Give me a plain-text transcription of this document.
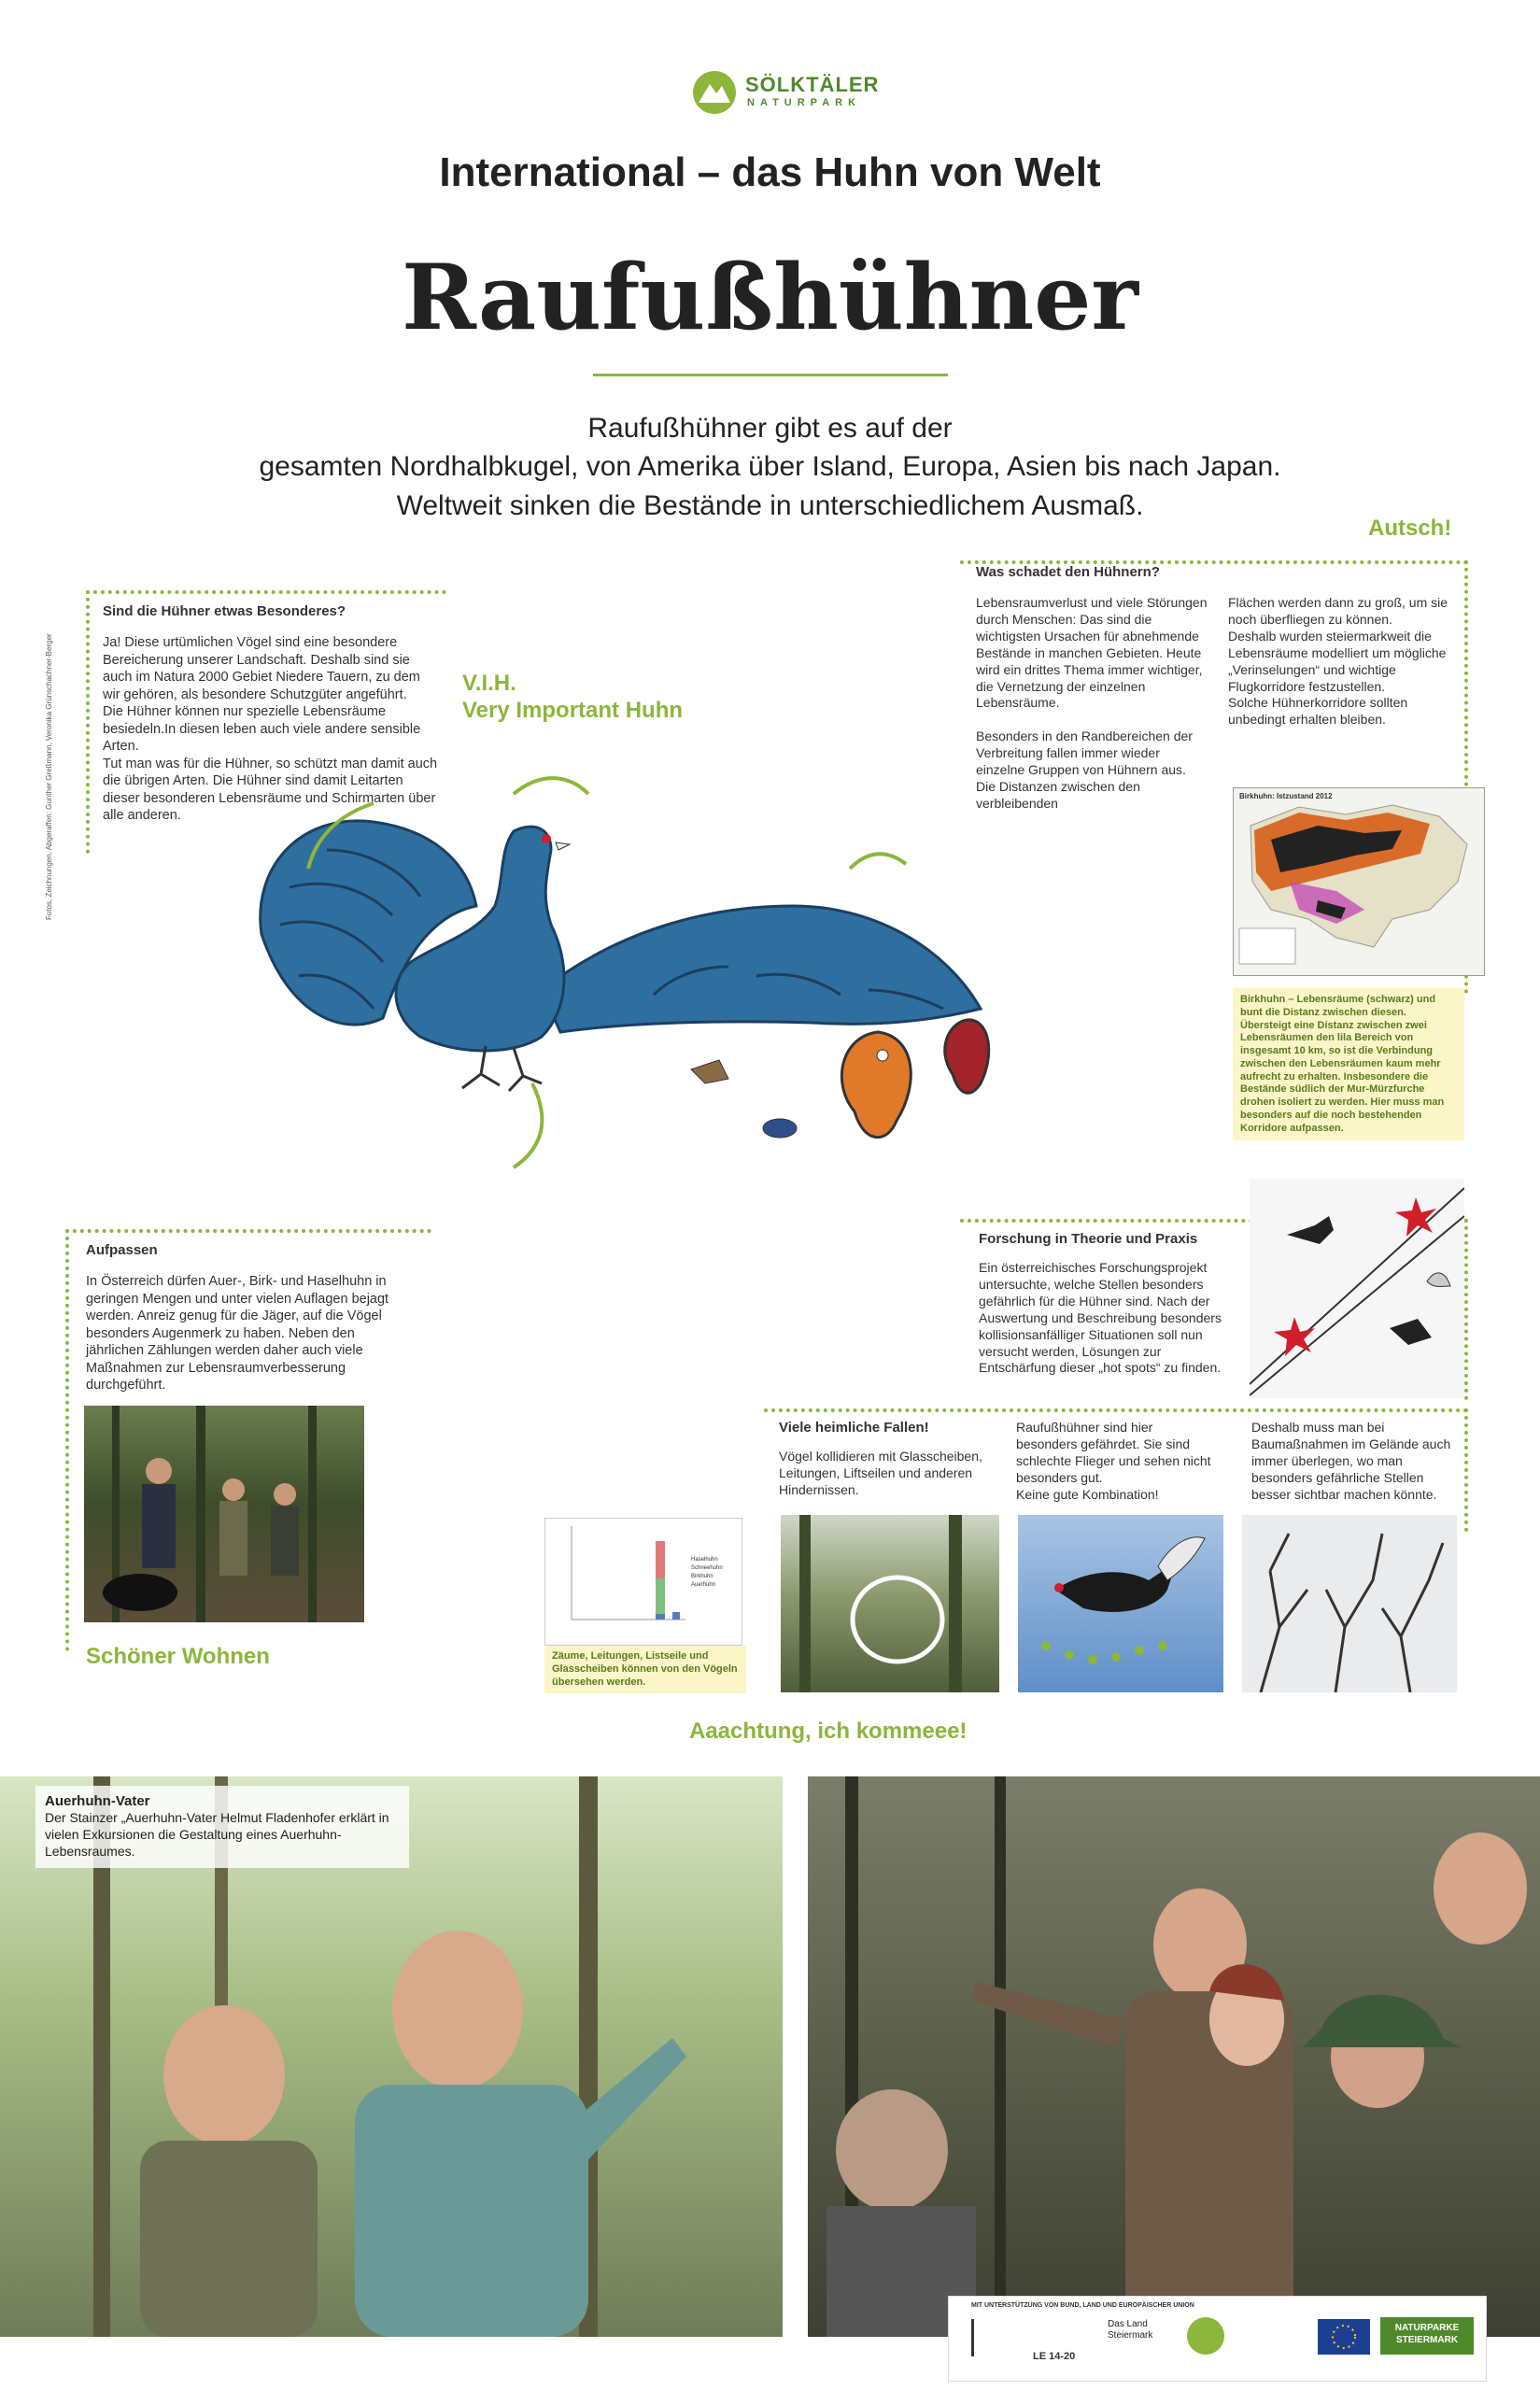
SÖLKTÄLER
NATURPARK
International – das Huhn von Welt
Raufußhühner
Raufußhühner gibt es auf der
gesamten Nordhalbkugel, von Amerika über Island, Europa, Asien bis nach Japan.
Weltweit sinken die Bestände in unterschiedlichem Ausmaß.
Autsch!
Fotos, Zeichnungen, Abgeraffen: Gunther Greßmann, Veronika Grünschachner-Berger
Sind die Hühner etwas Besonderes?
Ja! Diese urtümlichen Vögel sind eine besondere Bereicherung unserer Landschaft. Deshalb sind sie auch im Natura 2000 Gebiet Niedere Tauern, zu dem wir gehören, als besondere Schutzgüter angeführt.
Die Hühner können nur spezielle Lebensräume besiedeln.In diesen leben auch viele andere sensible Arten.
Tut man was für die Hühner, so schützt man damit auch die übrigen Arten. Die Hühner sind damit Leitarten dieser besonderen Lebensräume und Schirmarten über alle anderen.
V.I.H.
Very Important Huhn
Was schadet den Hühnern?
Lebensraumverlust und viele Störungen durch Menschen: Das sind die wichtigsten Ursachen für abnehmende Bestände in manchen Gebieten. Heute wird ein drittes Thema immer wichtiger, die Vernetzung der einzelnen Lebensräume.

Besonders in den Randbereichen der Verbreitung fallen immer wieder einzelne Gruppen von Hühnern aus. Die Distanzen zwischen den verbleibenden
Flächen werden dann zu groß, um sie noch überfliegen zu können.
Deshalb wurden steiermarkweit die Lebensräume modelliert um mögliche „Verinselungen“ und wichtige Flugkorridore festzustellen.
Solche Hühnerkorridore sollten unbedingt erhalten bleiben.
Birkhuhn: Istzustand 2012
Birkhuhn – Lebensräume (schwarz) und bunt die Distanz zwischen diesen. Übersteigt eine Distanz zwischen zwei Lebensräumen den lila Bereich von insgesamt 10 km, so ist die Verbindung zwischen den Lebensräumen kaum mehr aufrecht zu erhalten. Insbesondere die Bestände südlich der Mur-Mürzfurche drohen isoliert zu werden. Hier muss man besonders auf die noch bestehenden Korridore aufpassen.
Aufpassen
In Österreich dürfen Auer-, Birk- und Haselhuhn in geringen Mengen und unter vielen Auflagen bejagt werden. Anreiz genug für die Jäger, auf die Vögel besonders Augenmerk zu haben. Neben den jährlichen Zählungen werden daher auch viele Maßnahmen zur Lebensraumverbesserung durchgeführt.
Schöner Wohnen
Forschung in Theorie und Praxis
Ein österreichisches Forschungsprojekt untersuchte, welche Stellen besonders gefährlich für die Hühner sind. Nach der Auswertung und Beschreibung besonders kollisionsanfälliger Situationen soll nun versucht werden, Lösungen zur Entschärfung dieser „hot spots“ zu finden.
Viele heimliche Fallen!
Vögel kollidieren mit Glasscheiben, Leitungen, Liftseilen und anderen Hindernissen.
Raufußhühner sind hier besonders gefährdet. Sie sind schlechte Flieger und sehen nicht besonders gut.
Keine gute Kombination!
Deshalb muss man bei Baumaßnahmen im Gelände auch immer überlegen, wo man besonders gefährliche Stellen besser sichtbar machen könnte.
Haselhuhn
Schneehuhn
Birkhuhn
Auerhuhn
Zäume, Leitungen, Listseile und Glasscheiben können von den Vögeln übersehen werden.
Aaachtung, ich kommeee!
Auerhuhn-Vater
Der Stainzer „Auerhuhn-Vater Helmut Fladenhofer erklärt in vielen Exkursionen die Gestaltung eines Auerhuhn-Lebensraumes.
MIT UNTERSTÜTZUNG VON BUND, LAND UND EUROPÄISCHER UNION
LE 14-20
Das Land Steiermark
NATURPARKE STEIERMARK
